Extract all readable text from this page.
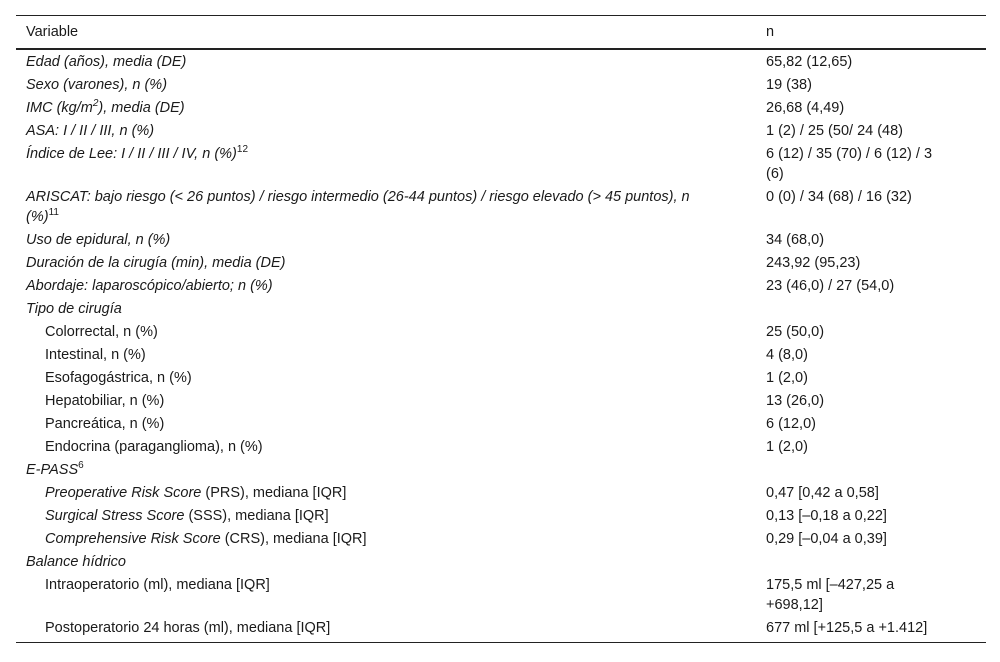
Variable	n
Edad (años), media (DE)	65,82 (12,65)
Sexo (varones), n (%)	19 (38)
IMC $(kg/m^2)$, media (DE)	26,68 (4,49)
ASA: I / II / III, n (%)	1 (2) / 25 (50/ 24 (48)
Índice de Lee: I / II / III / IV, n (%)$^{12}$	6 (12) / 35 (70) / 6 (12) / 3 (6)
ARISCAT: bajo riesgo (< 26 puntos) / riesgo intermedio (26-44 puntos) / riesgo elevado (> 45 puntos), n (%)$^{11}$	0 (0) / 34 (68) / 16 (32)
Uso de epidural, n (%)	34 (68,0)
Duración de la cirugía (min), media (DE)	243,92 (95,23)
Abordaje: laparoscópico/abierto; n (%)	23 (46,0) / 27 (54,0)
Tipo de cirugía	
Colorrectal, n (%)	25 (50,0)
Intestinal, n (%)	4 (8,0)
Esofagogástrica, n (%)	1 (2,0)
Hepatobiliar, n (%)	13 (26,0)
Pancreática, n (%)	6 (12,0)
Endocrina (paraganglioma), n (%)	1 (2,0)
E-PASS$^6$	
Preoperative Risk Score (PRS), mediana [IQR]	0,47 [0,42 a 0,58]
Surgical Stress Score (SSS), mediana [IQR]	0,13 [–0,18 a 0,22]
Comprehensive Risk Score (CRS), mediana [IQR]	0,29 [–0,04 a 0,39]
Balance hídrico	
Intraoperatorio (ml), mediana [IQR]	175,5 ml [–427,25 a +698,12]
Postoperatorio 24 horas (ml), mediana [IQR]	677 ml [+125,5 a +1.412]
